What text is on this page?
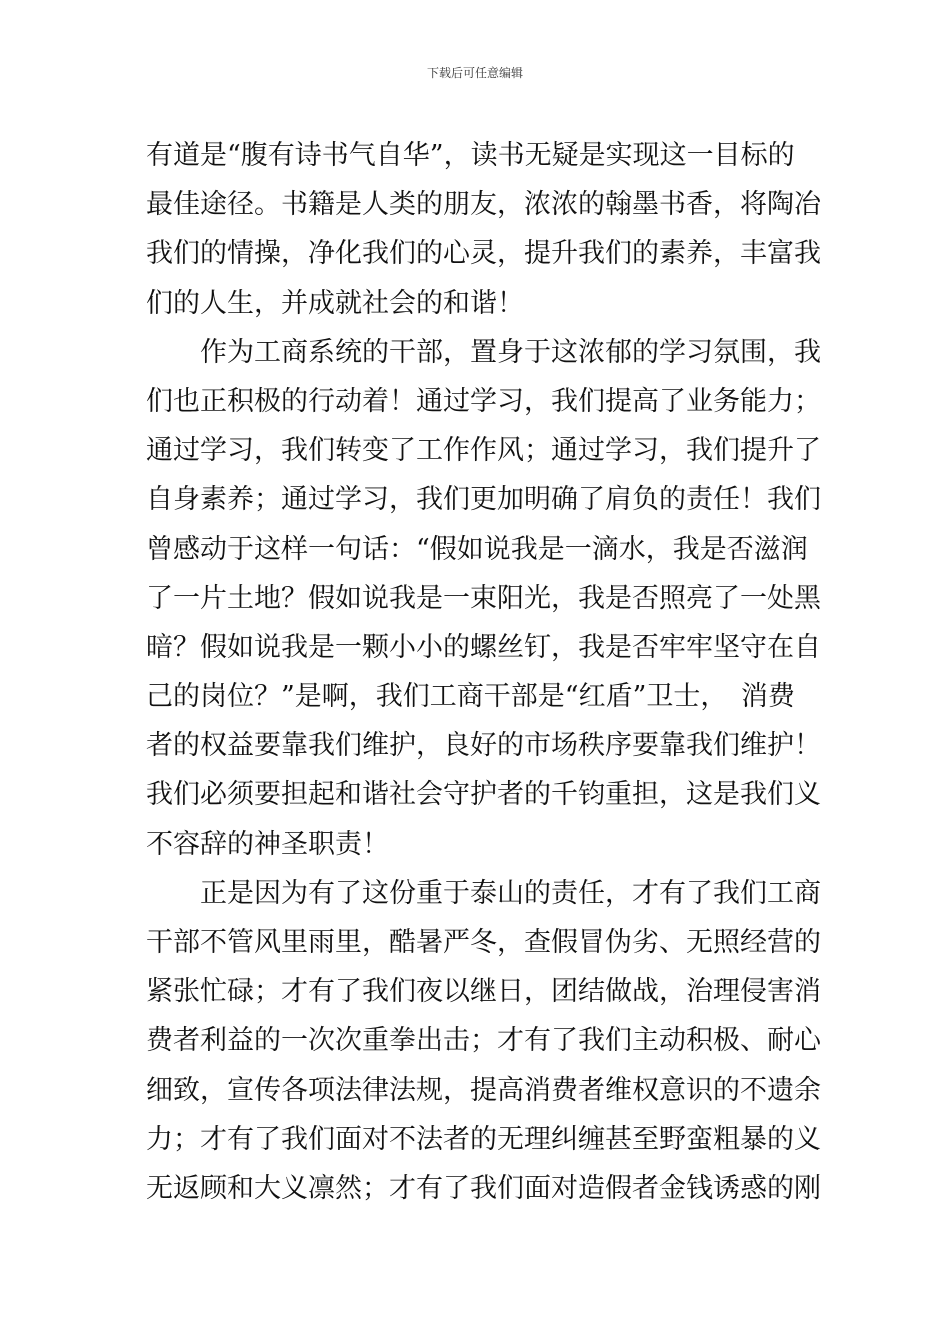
下载后可任意编辑
有道是“腹有诗书气自华”，读书无疑是实现这一目标的
最佳途径。书籍是人类的朋友，浓浓的翰墨书香，将陶冶
我们的情操，净化我们的心灵，提升我们的素养，丰富我
们的人生，并成就社会的和谐！
　　作为工商系统的干部，置身于这浓郁的学习氛围，我
们也正积极的行动着！通过学习，我们提高了业务能力；
通过学习，我们转变了工作作风；通过学习，我们提升了
自身素养；通过学习，我们更加明确了肩负的责任！我们
曾感动于这样一句话：“假如说我是一滴水，我是否滋润
了一片土地？假如说我是一束阳光，我是否照亮了一处黑
暗？假如说我是一颗小小的螺丝钉，我是否牢牢坚守在自
己的岗位？”是啊，我们工商干部是“红盾”卫士，　消费
者的权益要靠我们维护，良好的市场秩序要靠我们维护！
我们必须要担起和谐社会守护者的千钧重担，这是我们义
不容辞的神圣职责！
　　正是因为有了这份重于泰山的责任，才有了我们工商
干部不管风里雨里，酷暑严冬，查假冒伪劣、无照经营的
紧张忙碌；才有了我们夜以继日，团结做战，治理侵害消
费者利益的一次次重拳出击；才有了我们主动积极、耐心
细致，宣传各项法律法规，提高消费者维权意识的不遗余
力；才有了我们面对不法者的无理纠缠甚至野蛮粗暴的义
无返顾和大义凛然；才有了我们面对造假者金钱诱惑的刚
